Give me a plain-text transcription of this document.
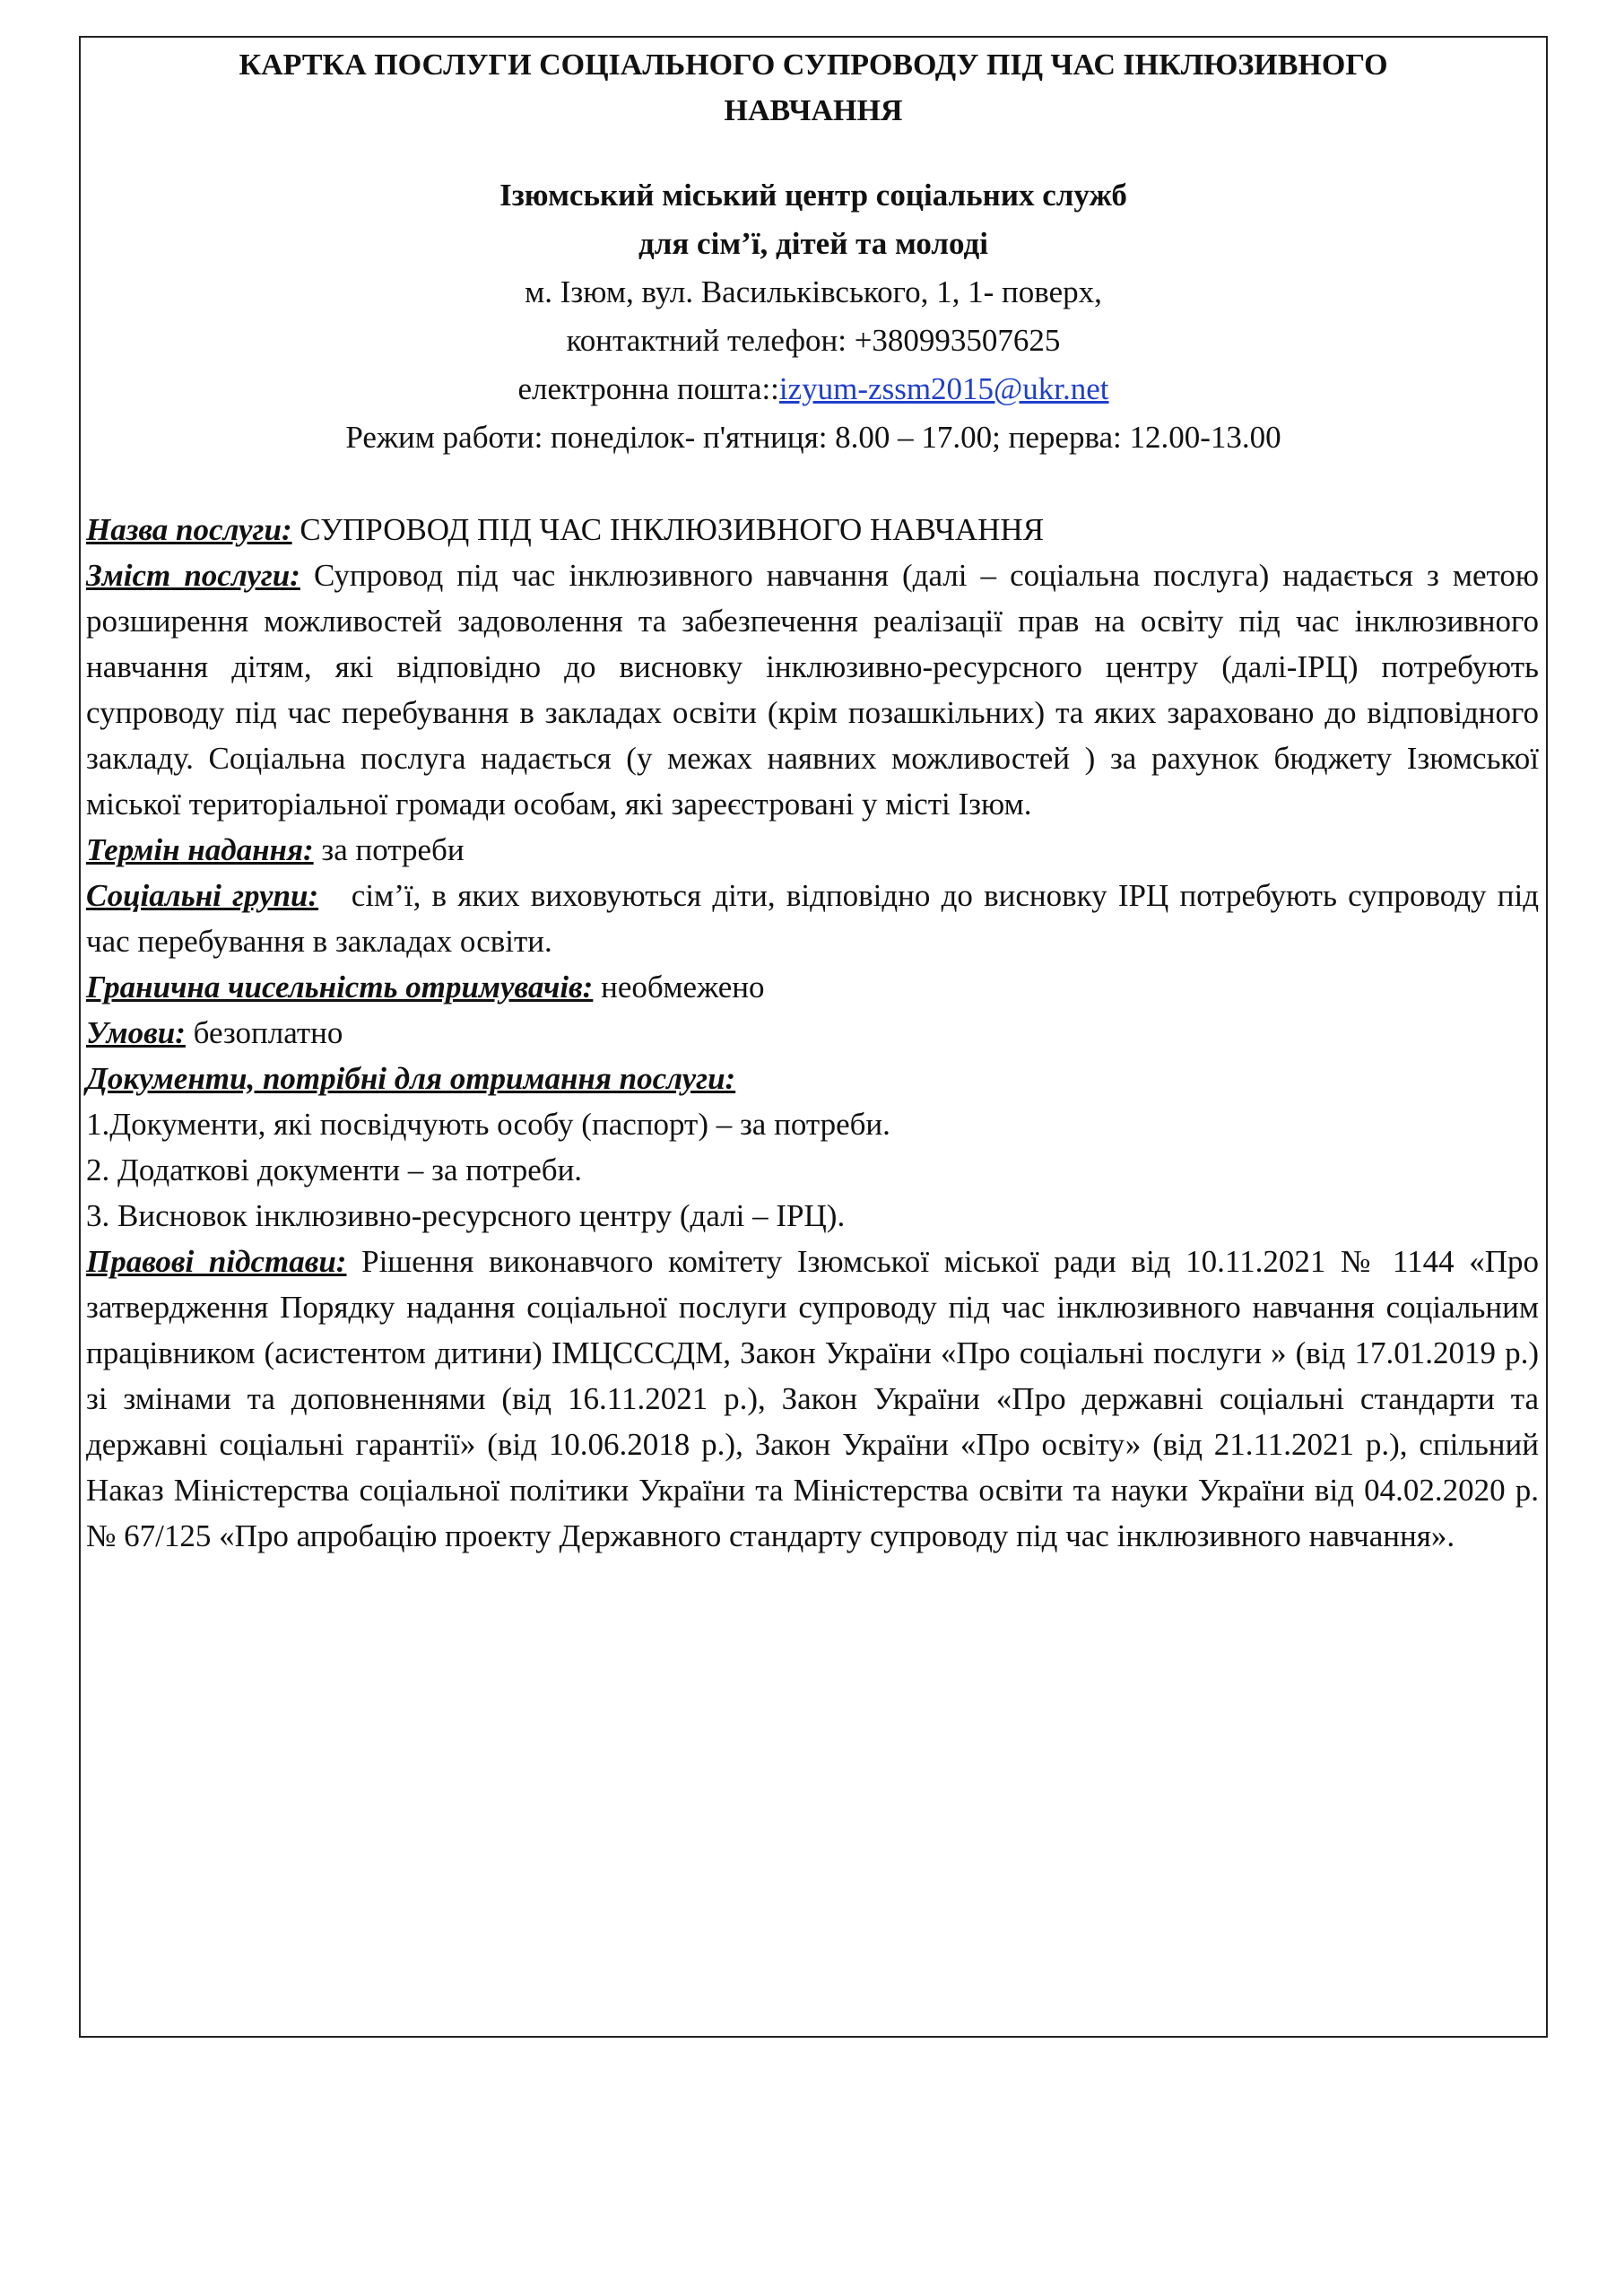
КАРТКА ПОСЛУГИ СОЦІАЛЬНОГО СУПРОВОДУ ПІД ЧАС ІНКЛЮЗИВНОГО НАВЧАННЯ
Ізюмський міський центр соціальних служб
для сім’ї, дітей та молоді
м. Ізюм, вул. Васильківського, 1, 1- поверх,
контактний телефон: +380993507625
електронна пошта::izyum-zssm2015@ukr.net
Режим работи: понеділок- п'ятниця: 8.00 – 17.00; перерва: 12.00-13.00

Назва послуги: СУПРОВОД ПІД ЧАС ІНКЛЮЗИВНОГО НАВЧАННЯ

Зміст послуги: Супровод під час інклюзивного навчання (далі – соціальна послуга) надається з метою розширення можливостей задоволення та забезпечення реалізації прав на освіту під час інклюзивного навчання дітям, які відповідно до висновку інклюзивно-ресурсного центру (далі-ІРЦ) потребують супроводу під час перебування в закладах освіти (крім позашкільних) та яких зараховано до відповідного закладу. Соціальна послуга надається (у межах наявних можливостей ) за рахунок бюджету Ізюмської міської територіальної громади особам, які зареєстровані у місті Ізюм.

Термін надання: за потреби

Соціальні групи:   сім’ї, в яких виховуються діти, відповідно до висновку ІРЦ потребують супроводу під час перебування в закладах освіти.

Гранична чисельність отримувачів: необмежено

Умови: безоплатно

Документи, потрібні для отримання послуги:

1.Документи, які посвідчують особу (паспорт) – за потреби.

2. Додаткові документи – за потреби.

3. Висновок інклюзивно-ресурсного центру (далі – ІРЦ).

Правові підстави: Рішення виконавчого комітету Ізюмської міської ради від 10.11.2021 № 1144 «Про затвердження Порядку надання соціальної послуги супроводу під час інклюзивного навчання соціальним працівником (асистентом дитини) ІМЦСССДМ, Закон України «Про соціальні послуги » (від 17.01.2019 р.) зі змінами та доповненнями (від 16.11.2021 р.), Закон України «Про державні соціальні стандарти та державні соціальні гарантії» (від 10.06.2018 р.), Закон України «Про освіту» (від 21.11.2021 р.), спільний Наказ Міністерства соціальної політики України та Міністерства освіти та науки України від 04.02.2020 р. № 67/125 «Про апробацію проекту Державного стандарту супроводу під час інклюзивного навчання».
